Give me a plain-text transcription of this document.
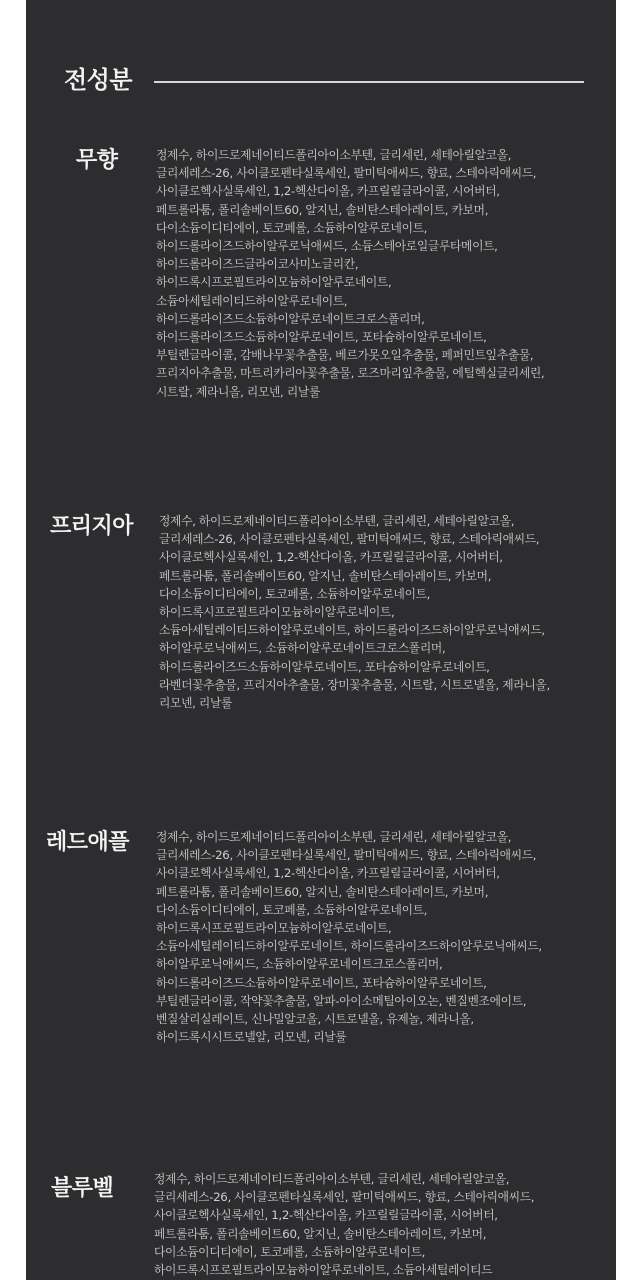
전성분
무향	정제수, 하이드로제네이티드폴리아이소부텐, 글리세린, 세테아릴알코올, 글리세레스-26, 사이클로펜타실록세인, 팔미틱애씨드, 향료, 스테아릭애씨드, 사이클로헥사실록세인, 1,2-헥산다이올, 카프릴릴글라이콜, 시어버터, 페트롤라툼, 폴리솔베이트60, 알지닌, 솔비탄스테아레이트, 카보머, 다이소듐이디티에이, 토코페롤, 소듐하이알루로네이트, 하이드롤라이즈드하이알루로닉애씨드, 소듐스테아로일글루타메이트, 하이드롤라이즈드글라이코사미노글리칸, 하이드록시프로필트라이모늄하이알루로네이트, 소듐아세틸레이티드하이알루로네이트, 하이드롤라이즈드소듐하이알루로네이트크로스폴리머, 하이드롤라이즈드소듐하이알루로네이트, 포타슘하이알루로네이트, 부틸렌글라이콜, 감배나무꽃추출물, 베르가못오일추출물, 페퍼민트잎추출물, 프리지아추출물, 마트리카리아꽃추출물, 로즈마리잎추출물, 에틸헥실글리세린, 시트랄, 제라니올, 리모넨, 리날룰
프리지아 정제수, 하이드로제네이티드폴리아이소부텐, 글리세린, 세테아릴알코올, 글리세레스-26, 사이클로펜타실록세인, 팔미틱애씨드, 향료, 스테아릭애씨드, 사이클로헥사실록세인, 1,2-헥산다이올, 카프릴릴글라이콜, 시어버터, 페트롤라툼, 폴리솔베이트60, 알지닌, 솔비탄스테아레이트, 카보머, 다이소듐이디티에이, 토코페롤, 소듐하이알루로네이트, 하이드록시프로필트라이모늄하이알루로네이트, 소듐아세틸레이티드하이알루로네이트, 하이드롤라이즈드하이알루로닉애씨드, 하이알루로닉애씨드, 소듐하이알루로네이트크로스폴리머, 하이드롤라이즈드소듐하이알루로네이트, 포타슘하이알루로네이트, 라벤더꽃추출물, 프리지아추출물, 장미꽃추출물, 시트랄, 시트로넬올, 제라니올, 리모넨, 리날룰
레드애플 정제수, 하이드로제네이티드폴리아이소부텐, 글리세린, 세테아릴알코올, 글리세레스-26, 사이클로펜타실록세인, 팔미틱애씨드, 향료, 스테아릭애씨드, 사이클로헥사실록세인, 1,2-헥산다이올, 카프릴릴글라이콜, 시어버터, 페트롤라툼, 폴리솔베이트60, 알지닌, 솔비탄스테아레이트, 카보머, 다이소듐이디티에이, 토코페롤, 소듐하이알루로네이트, 하이드록시프로필트라이모늄하이알루로네이트, 소듐아세틸레이티드하이알루로네이트, 하이드롤라이즈드하이알루로닉애씨드, 하이알루로닉애씨드, 소듐하이알루로네이트크로스폴리머, 하이드롤라이즈드소듐하이알루로네이트, 포타슘하이알루로네이트, 부틸렌글라이콜, 작약꽃추출물, 알파-아이소메틸아이오논, 벤질벤조에이트, 벤질살리실레이트, 신나밀알코올, 시트로넬올, 유제놀, 제라니올, 하이드록시시트로넬알, 리모넨, 리날룰
블루벨	정제수, 하이드로제네이티드폴리아이소부텐, 글리세린, 세테아릴알코올, 글리세레스-26, 사이클로펜타실록세인, 팔미틱애씨드, 향료, 스테아릭애씨드, 사이클로헥사실록세인, 1,2-헥산다이올, 카프릴릴글라이콜, 시어버터, 페트롤라툼, 폴리솔베이트60, 알지닌, 솔비탄스테아레이트, 카보머, 다이소듐이디티에이, 토코페롤, 소듐하이알루로네이트, 하이드록시프로필트라이모늄하이알루로네이트, 소듐아세틸레이티드
